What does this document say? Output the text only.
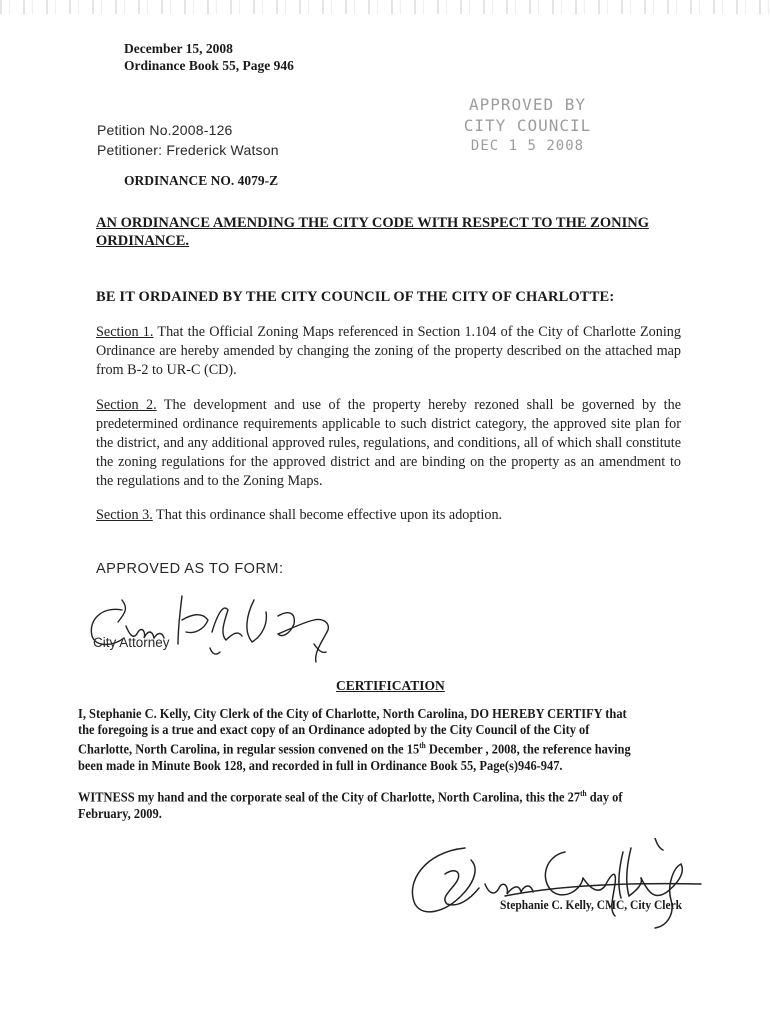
December 15, 2008
Ordinance Book 55, Page 946
Petition No.2008-126
Petitioner: Frederick Watson
APPROVED BY
CITY COUNCIL
DEC 1 5 2008
ORDINANCE NO. 4079-Z
AN ORDINANCE AMENDING THE CITY CODE WITH RESPECT TO THE ZONING ORDINANCE.
BE IT ORDAINED BY THE CITY COUNCIL OF THE CITY OF CHARLOTTE:
Section 1. That the Official Zoning Maps referenced in Section 1.104 of the City of Charlotte Zoning Ordinance are hereby amended by changing the zoning of the property described on the attached map from B-2 to UR-C (CD).
Section 2. The development and use of the property hereby rezoned shall be governed by the predetermined ordinance requirements applicable to such district category, the approved site plan for the district, and any additional approved rules, regulations, and conditions, all of which shall constitute the zoning regulations for the approved district and are binding on the property as an amendment to the regulations and to the Zoning Maps.
Section 3. That this ordinance shall become effective upon its adoption.
APPROVED AS TO FORM:
City Attorney
CERTIFICATION
I, Stephanie C. Kelly, City Clerk of the City of Charlotte, North Carolina, DO HEREBY CERTIFY that the foregoing is a true and exact copy of an Ordinance adopted by the City Council of the City of Charlotte, North Carolina, in regular session convened on the 15th December , 2008, the reference having been made in Minute Book 128, and recorded in full in Ordinance Book 55, Page(s)946-947.
WITNESS my hand and the corporate seal of the City of Charlotte, North Carolina, this the 27th day of February, 2009.
Stephanie C. Kelly, CMC, City Clerk
